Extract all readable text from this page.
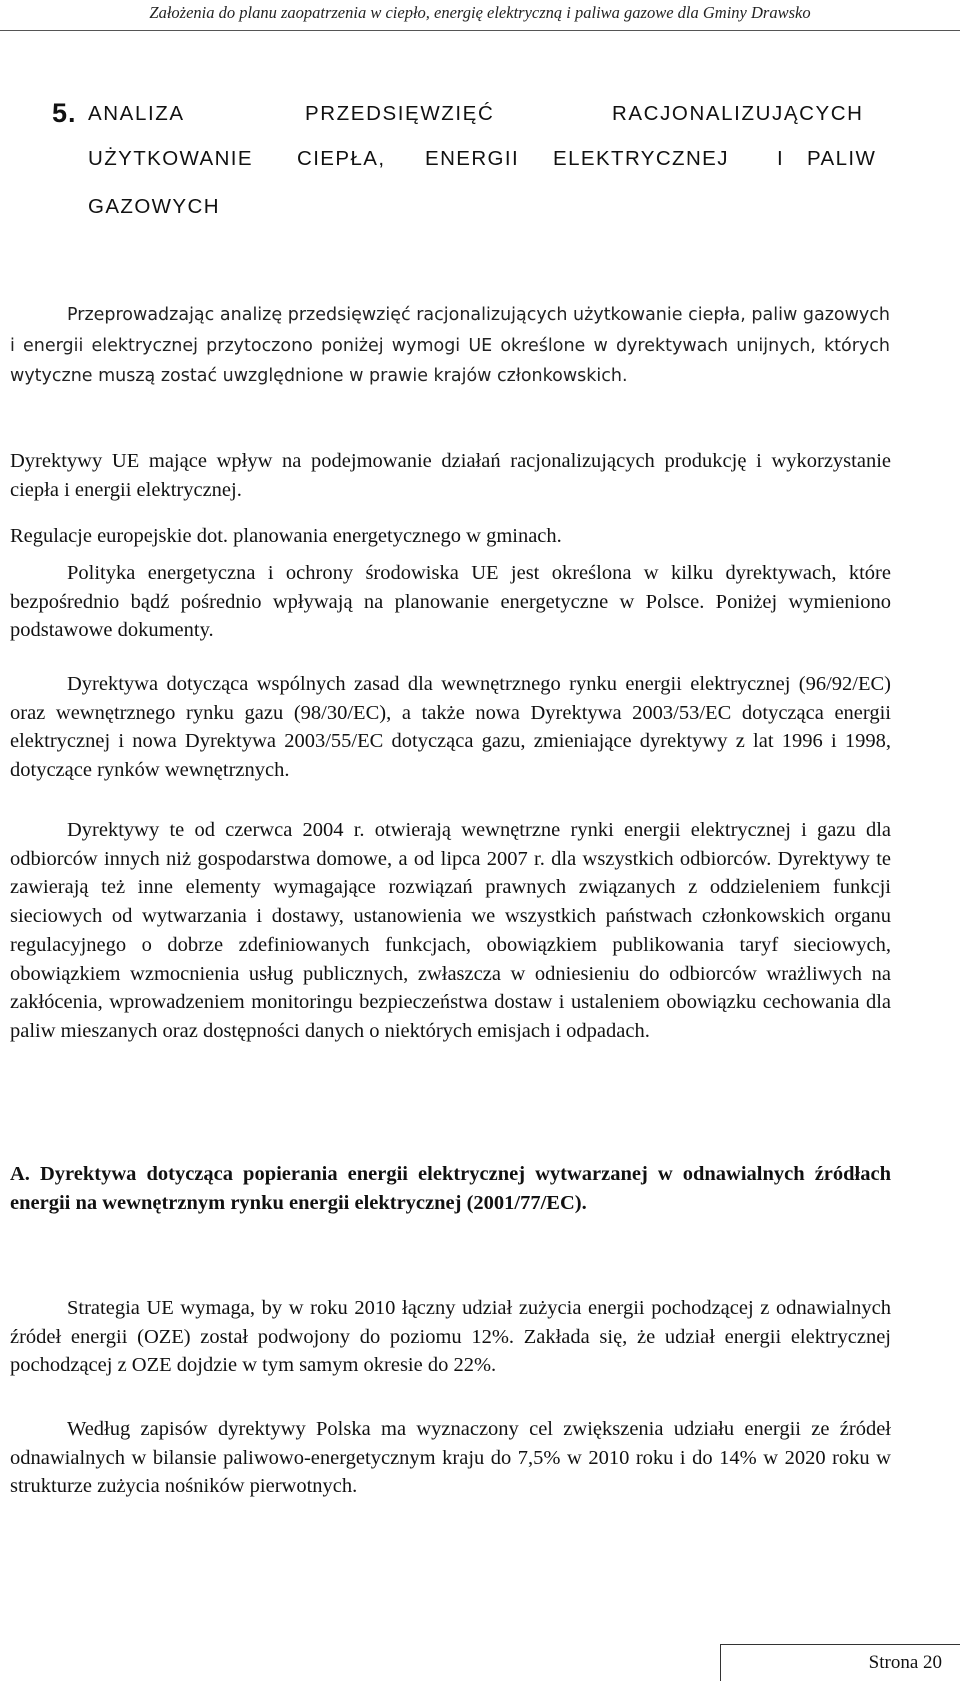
Założenia do planu zaopatrzenia w ciepło, energię elektryczną i paliwa gazowe dla Gminy Drawsko
5. ANALIZA	PRZEDSIĘWZIĘĆ	RACJONALIZUJĄCYCH
UŻYTKOWANIE CIEPŁA, ENERGII ELEKTRYCZNEJ I PALIW
GAZOWYCH

Przeprowadzając analizę przedsięwzięć racjonalizujących użytkowanie ciepła, paliw gazowych i energii elektrycznej przytoczono poniżej wymogi UE określone w dyrektywach unijnych, których wytyczne muszą zostać uwzględnione w prawie krajów członkowskich.

Dyrektywy UE mające wpływ na podejmowanie działań racjonalizujących produkcję i wykorzystanie ciepła i energii elektrycznej.

Regulacje europejskie dot. planowania energetycznego w gminach.

Polityka energetyczna i ochrony środowiska UE jest określona w kilku dyrektywach, które bezpośrednio bądź pośrednio wpływają na planowanie energetyczne w Polsce. Poniżej wymieniono podstawowe dokumenty.

Dyrektywa dotycząca wspólnych zasad dla wewnętrznego rynku energii elektrycznej (96/92/EC) oraz wewnętrznego rynku gazu (98/30/EC), a także nowa Dyrektywa 2003/53/EC dotycząca energii elektrycznej i nowa Dyrektywa 2003/55/EC dotycząca gazu, zmieniające dyrektywy z lat 1996 i 1998, dotyczące rynków wewnętrznych.

Dyrektywy te od czerwca 2004 r. otwierają wewnętrzne rynki energii elektrycznej i gazu dla odbiorców innych niż gospodarstwa domowe, a od lipca 2007 r. dla wszystkich odbiorców. Dyrektywy te zawierają też inne elementy wymagające rozwiązań prawnych związanych z oddzieleniem funkcji sieciowych od wytwarzania i dostawy, ustanowienia we wszystkich państwach członkowskich organu regulacyjnego o dobrze zdefiniowanych funkcjach, obowiązkiem publikowania taryf sieciowych, obowiązkiem wzmocnienia usług publicznych, zwłaszcza w odniesieniu do odbiorców wrażliwych na zakłócenia, wprowadzeniem monitoringu bezpieczeństwa dostaw i ustaleniem obowiązku cechowania dla paliw mieszanych oraz dostępności danych o niektórych emisjach i odpadach.

A. Dyrektywa dotycząca popierania energii elektrycznej wytwarzanej w odnawialnych źródłach energii na wewnętrznym rynku energii elektrycznej (2001/77/EC).

Strategia UE wymaga, by w roku 2010 łączny udział zużycia energii pochodzącej z odnawialnych źródeł energii (OZE) został podwojony do poziomu 12%. Zakłada się, że udział energii elektrycznej pochodzącej z OZE dojdzie w tym samym okresie do 22%.

Według zapisów dyrektywy Polska ma wyznaczony cel zwiększenia udziału energii ze źródeł odnawialnych w bilansie paliwowo-energetycznym kraju do 7,5% w 2010 roku i do 14% w 2020 roku w strukturze zużycia nośników pierwotnych.

Strona 20
